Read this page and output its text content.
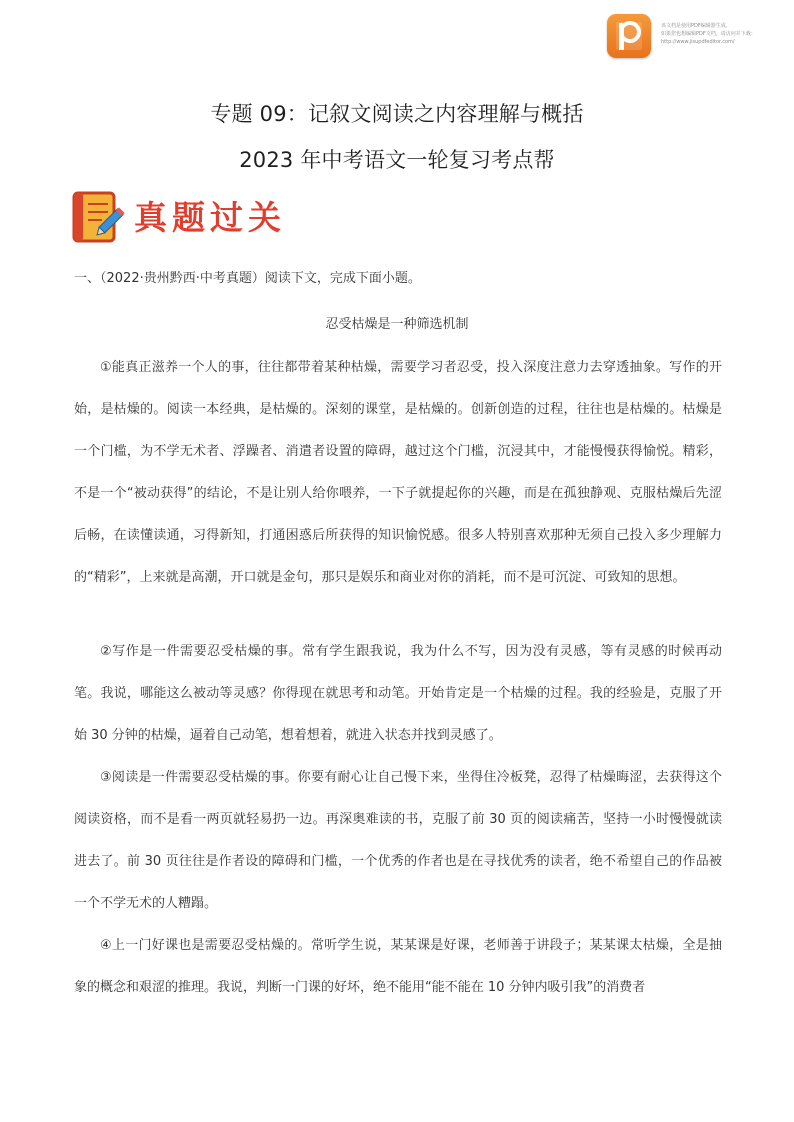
该文档是使用PDF编辑器生成，
如果您也想编辑PDF文档，请访问并下载：
http://www.jisupdfeditor.com/
专题 09：记叙文阅读之内容理解与概括
2023 年中考语文一轮复习考点帮
真题过关
一、（2022·贵州黔西·中考真题）阅读下文，完成下面小题。
忍受枯燥是一种筛选机制

①能真正滋养一个人的事，往往都带着某种枯燥，需要学习者忍受，投入深度注意力去穿透抽象。写作的开始，是枯燥的。阅读一本经典，是枯燥的。深刻的课堂，是枯燥的。创新创造的过程，往往也是枯燥的。枯燥是一个门槛，为不学无术者、浮躁者、消遣者设置的障碍，越过这个门槛，沉浸其中，才能慢慢获得愉悦。精彩，不是一个“被动获得”的结论，不是让别人给你喂养，一下子就提起你的兴趣，而是在孤独静观、克服枯燥后先涩后畅，在读懂读通，习得新知，打通困惑后所获得的知识愉悦感。很多人特别喜欢那种无须自己投入多少理解力的“精彩”，上来就是高潮，开口就是金句，那只是娱乐和商业对你的消耗，而不是可沉淀、可致知的思想。

②写作是一件需要忍受枯燥的事。常有学生跟我说，我为什么不写，因为没有灵感，等有灵感的时候再动笔。我说，哪能这么被动等灵感？你得现在就思考和动笔。开始肯定是一个枯燥的过程。我的经验是，克服了开始 30 分钟的枯燥，逼着自己动笔，想着想着，就进入状态并找到灵感了。

③阅读是一件需要忍受枯燥的事。你要有耐心让自己慢下来，坐得住冷板凳，忍得了枯燥晦涩，去获得这个阅读资格，而不是看一两页就轻易扔一边。再深奥难读的书，克服了前 30 页的阅读痛苦，坚持一小时慢慢就读进去了。前 30 页往往是作者设的障碍和门槛，一个优秀的作者也是在寻找优秀的读者，绝不希望自己的作品被一个不学无术的人糟蹋。

④上一门好课也是需要忍受枯燥的。常听学生说，某某课是好课，老师善于讲段子；某某课太枯燥，全是抽象的概念和艰涩的推理。我说，判断一门课的好坏，绝不能用“能不能在 10 分钟内吸引我”的消费者
